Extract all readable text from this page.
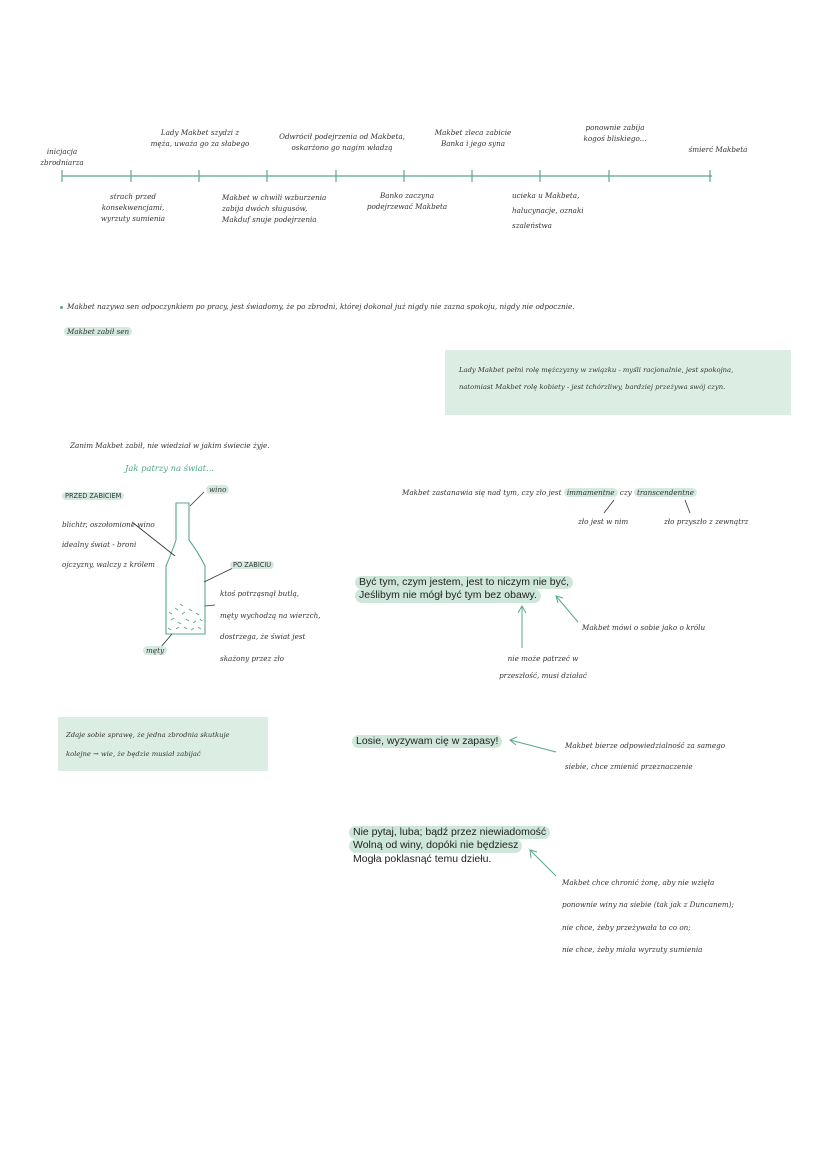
inicjacja
zbrodniarza
Lady Makbet szydzi z
męża, uważa go za słabego
Odwrócił podejrzenia od Makbeta,
oskarżono go nagim władzą
Makbet zleca zabicie
Banka i jego syna
ponownie zabija
kogoś bliskiego...
śmierć Makbeta
strach przed
konsekwencjami,
wyrzuty sumienia
Makbet w chwili wzburzenia
zabija dwóch sługusów,
Makduf snuje podejrzenia
Banko zaczyna
podejrzewać Makbeta
ucieka u Makbeta,
halucynacje, oznaki
szaleństwa
Makbet nazywa sen odpoczynkiem po pracy, jest świadomy, że po zbrodni, której dokonał już nigdy nie zazna spokoju, nigdy nie odpocznie.
Makbet zabił sen
Lady Makbet pełni rolę mężczyzny w związku - myśli racjonalnie, jest spokojna,
natomiast Makbet rolę kobiety - jest tchórzliwy, bardziej przeżywa swój czyn.
Zanim Makbet zabił, nie wiedział w jakim świecie żyje.
Jak patrzy na świat...
wino
PRZED ZABICIEM
blichtr, oszołomione wino
idealny świat - broni
ojczyzny, walczy z królem	PO ZABICIU
ktoś potrząsnął butlą,
męty wychodzą na wierzch,
dostrzega, że świat jest
skażony przez zło
męty
Makbet zastanawia się nad tym, czy zło jest immamentne czy transcendentne
zło jest w nim	zło przyszło z zewnątrz
Być tym, czym jestem, jest to niczym nie być,
Jeślibym nie mógł być tym bez obawy.
Makbet mówi o sobie jako o królu
nie może patrzeć w
przeszłość, musi działać
Zdaje sobie sprawę, że jedna zbrodnia skutkuje
kolejne → wie, że będzie musiał zabijać
Losie, wyzywam cię w zapasy!	Makbet bierze odpowiedzialność za samego
siebie, chce zmienić przeznaczenie
Nie pytaj, luba; bądź przez niewiadomość
Wolną od winy, dopóki nie będziesz
Mogła poklasnąć temu dziełu.
Makbet chce chronić żonę, aby nie wzięła
ponownie winy na siebie (tak jak z Duncanem);
nie chce, żeby przeżywała to co on;
nie chce, żeby miała wyrzuty sumienia
